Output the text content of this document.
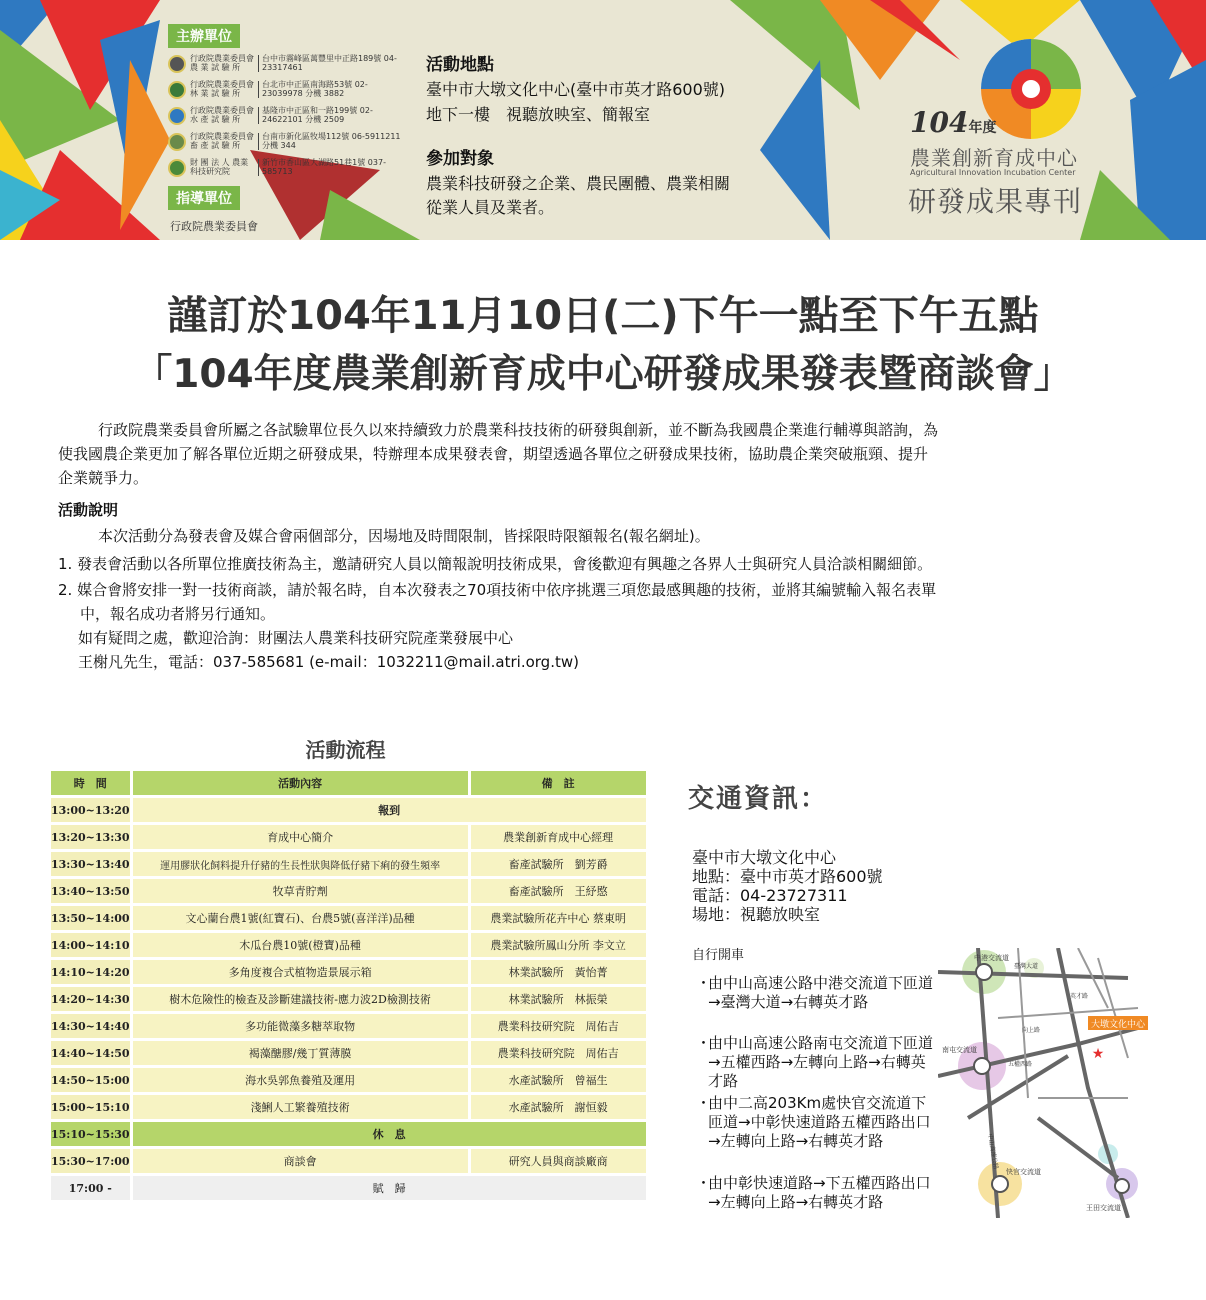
主辦單位
行政院農業委員會 農 業 試 驗 所
台中市霧峰區萬豐里中正路189號 04-23317461
行政院農業委員會 林 業 試 驗 所
台北市中正區南海路53號 02-23039978 分機 3882
行政院農業委員會 水 產 試 驗 所
基隆市中正區和一路199號 02-24622101 分機 2509
行政院農業委員會 畜 產 試 驗 所
台南市新化區牧場112號 06-5911211 分機 344
財 團 法 人 農業科技研究院
新竹市香山區大湖路51巷1號 037-585713
指導單位
行政院農業委員會
活動地點
臺中市大墩文化中心(臺中市英才路600號)
地下一樓　視聽放映室、簡報室
參加對象
農業科技研發之企業、農民團體、農業相關
從業人員及業者。
104年度
農業創新育成中心
Agricultural Innovation Incubation Center
研發成果專刊
謹訂於104年11月10日(二)下午一點至下午五點
「104年度農業創新育成中心研發成果發表暨商談會」
行政院農業委員會所屬之各試驗單位長久以來持續致力於農業科技技術的研發與創新，並不斷為我國農企業進行輔導與諮詢，為
使我國農企業更加了解各單位近期之研發成果，特辦理本成果發表會，期望透過各單位之研發成果技術，協助農企業突破瓶頸、提升
企業競爭力。
活動說明
本次活動分為發表會及媒合會兩個部分，因場地及時間限制，皆採限時限額報名(報名網址)。
1. 發表會活動以各所單位推廣技術為主，邀請研究人員以簡報說明技術成果，會後歡迎有興趣之各界人士與研究人員洽談相關細節。
2. 媒合會將安排一對一技術商談，請於報名時，自本次發表之70項技術中依序挑選三項您最感興趣的技術，並將其編號輸入報名表單
中，報名成功者將另行通知。
如有疑問之處，歡迎洽詢：財團法人農業科技研究院產業發展中心
王榭凡先生，電話：037-585681 (e-mail：1032211@mail.atri.org.tw)
活動流程
時　間	活動內容	備　註
13:00~13:20	報到	
13:20~13:30	育成中心簡介	農業創新育成中心經理
13:30~13:40	運用膠狀化飼料提升仔豬的生長性狀與降低仔豬下痢的發生頻率	畜產試驗所　劉芳爵
13:40~13:50	牧草青貯劑	畜產試驗所　王紓愍
13:50~14:00	文心蘭台農1號(紅寶石)、台農5號(喜洋洋)品種	農業試驗所花卉中心 蔡東明
14:00~14:10	木瓜台農10號(橙寶)品種	農業試驗所鳳山分所 李文立
14:10~14:20	多角度複合式植物造景展示箱	林業試驗所　黃怡菁
14:20~14:30	樹木危險性的檢查及診斷建議技術-應力波2D檢測技術	林業試驗所　林振榮
14:30~14:40	多功能微藻多糖萃取物	農業科技研究院　周佑吉
14:40~14:50	褐藻醣膠/幾丁質薄膜	農業科技研究院　周佑吉
14:50~15:00	海水吳郭魚養殖及運用	水產試驗所　曾福生
15:00~15:10	淺鯏人工繁養殖技術	水產試驗所　謝恒毅
15:10~15:30	休　息	
15:30~17:00	商談會	研究人員與商談廠商
17:00 -	賦　歸	
交通資訊：
臺中市大墩文化中心
地點：臺中市英才路600號
電話：04-23727311
場地：視聽放映室
自行開車
・
由中山高速公路中港交流道下匝道→臺灣大道→右轉英才路
・
由中山高速公路南屯交流道下匝道→五權西路→左轉向上路→右轉英才路
・
由中二高203Km處快官交流道下匝道→中彰快速道路五權西路出口→左轉向上路→右轉英才路
・
由中彰快速道路→下五權西路出口→左轉向上路→右轉英才路
大墩文化中心
★
中港交流道
南屯交流道
快官交流道
王田交流道
臺灣大道
五權西路
向上路
英才路
中山高速公路
